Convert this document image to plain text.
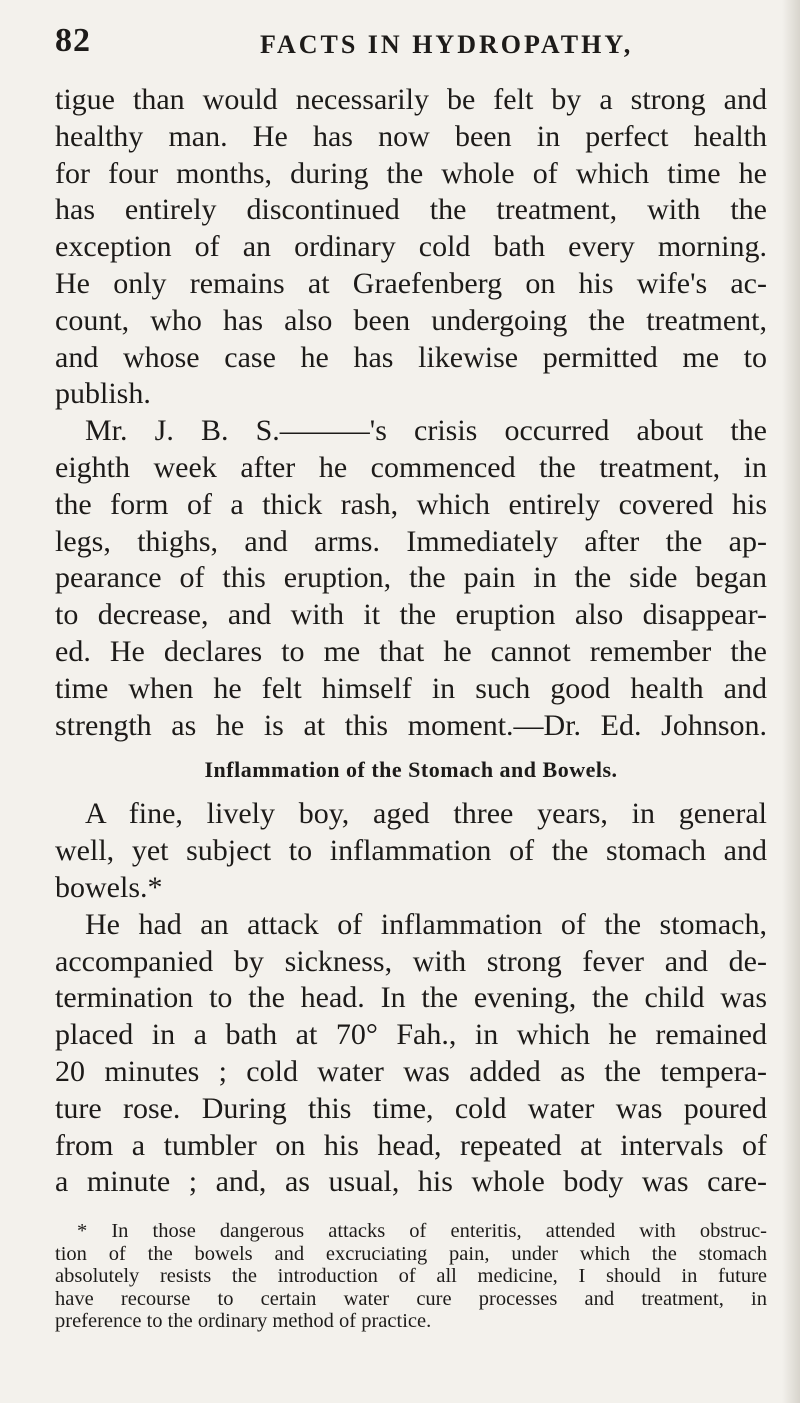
82	FACTS IN HYDROPATHY,
tigue than would necessarily be felt by a strong and
healthy man. He has now been in perfect health
for four months, during the whole of which time he
has entirely discontinued the treatment, with the
exception of an ordinary cold bath every morning.
He only remains at Graefenberg on his wife's ac-
count, who has also been undergoing the treatment,
and whose case he has likewise permitted me to
publish.
Mr. J. B. S.———'s crisis occurred about the
eighth week after he commenced the treatment, in
the form of a thick rash, which entirely covered his
legs, thighs, and arms. Immediately after the ap-
pearance of this eruption, the pain in the side began
to decrease, and with it the eruption also disappear-
ed. He declares to me that he cannot remember the
time when he felt himself in such good health and
strength as he is at this moment.—Dr. Ed. Johnson.
Inflammation of the Stomach and Bowels.
A fine, lively boy, aged three years, in general
well, yet subject to inflammation of the stomach and
bowels.*
He had an attack of inflammation of the stomach,
accompanied by sickness, with strong fever and de-
termination to the head. In the evening, the child was
placed in a bath at 70° Fah., in which he remained
20 minutes ; cold water was added as the tempera-
ture rose. During this time, cold water was poured
from a tumbler on his head, repeated at intervals of
a minute ; and, as usual, his whole body was care-
* In those dangerous attacks of enteritis, attended with obstruc-
tion of the bowels and excruciating pain, under which the stomach
absolutely resists the introduction of all medicine, I should in future
have recourse to certain water cure processes and treatment, in
preference to the ordinary method of practice.
